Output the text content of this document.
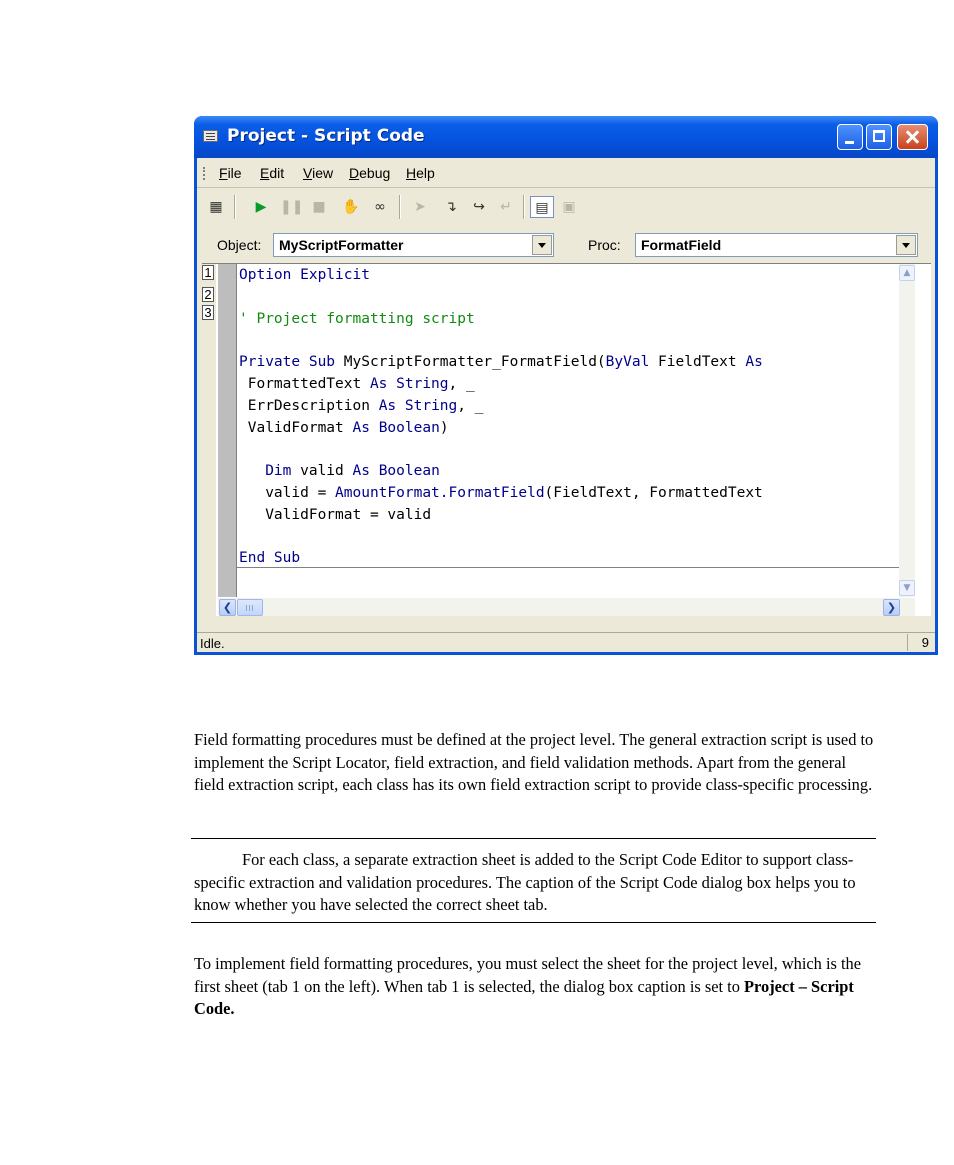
Project - Script Code
File Edit View Debug Help
▦	▶ ❚❚ ■	✋	∞	➤	↴	↪	↵	▤ ▣
Object: MyScriptFormatter	Proc: FormatField
1
2
3
End Sub
ValidFormat = valid
valid = AmountFormat.FormatField(FieldText, FormattedText
Dim valid As Boolean
ValidFormat As Boolean)
ErrDescription As String, _
FormattedText As String, _
Private Sub MyScriptFormatter_FormatField(ByVal FieldText As
' Project formatting script
Option Explicit	▲
▼
❮	❯
Idle.	9
Field formatting procedures must be defined at the project level. The general extraction script is used to implement the Script Locator, field extraction, and field validation methods. Apart from the general field extraction script, each class has its own field extraction script to provide class-specific processing.
For each class, a separate extraction sheet is added to the Script Code Editor to support class-specific extraction and validation procedures. The caption of the Script Code dialog box helps you to know whether you have selected the correct sheet tab.
To implement field formatting procedures, you must select the sheet for the project level, which is the first sheet (tab 1 on the left). When tab 1 is selected, the dialog box caption is set to Project – Script Code.
